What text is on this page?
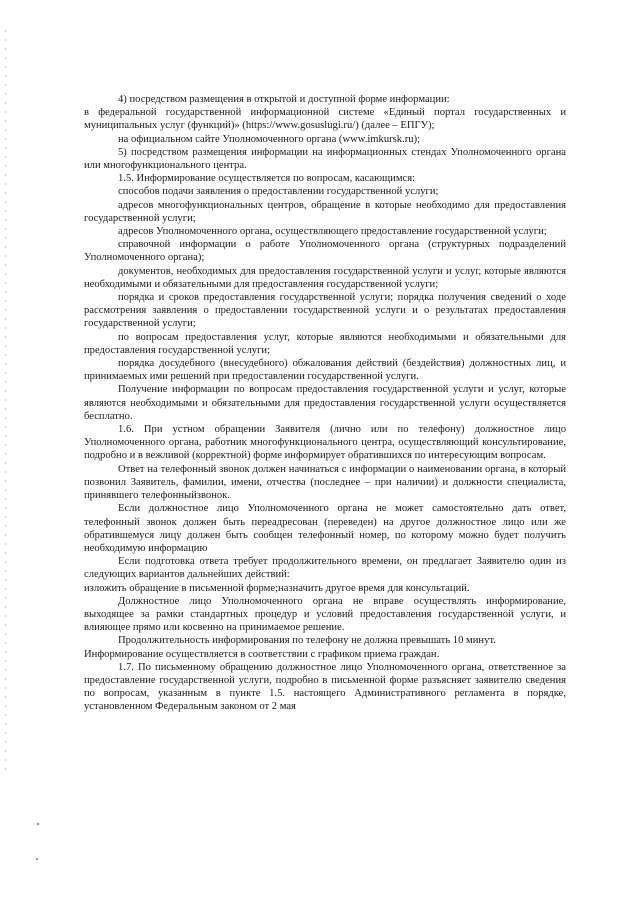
4) посредством размещения в открытой и доступной форме информации:

в федеральной государственной информационной системе «Единый портал государственных и муниципальных услуг (функций)» (https://www.gosuslugi.ru/) (далее – ЕПГУ);

на официальном сайте Уполномоченного органа (www.imkursk.ru);

5) посредством размещения информации на информационных стендах Уполномоченного органа или многофункционального центра.

1.5. Информирование осуществляется по вопросам, касающимся:

способов подачи заявления о предоставлении государственной услуги;

адресов многофункциональных центров, обращение в которые необходимо для предоставления государственной услуги;

адресов Уполномоченного органа, осуществляющего предоставление государственной услуги;

справочной информации о работе Уполномоченного органа (структурных подразделений Уполномоченного органа);

документов, необходимых для предоставления государственной услуги и услуг, которые являются необходимыми и обязательными для предоставления государственной услуги;

порядка и сроков предоставления государственной услуги; порядка получения сведений о ходе рассмотрения заявления о предоставлении государственной услуги и о результатах предоставления государственной услуги;

по вопросам предоставления услуг, которые являются необходимыми и обязательными для предоставления государственной услуги;

порядка досудебного (внесудебного) обжалования действий (бездействия) должностных лиц, и принимаемых ими решений при предоставлении государственной услуги.

Получение информации по вопросам предоставления государственной услуги и услуг, которые являются необходимыми и обязательными для предоставления государственной услуги осуществляется бесплатно.

1.6. При устном обращении Заявителя (лично или по телефону) должностное лицо Уполномоченного органа, работник многофункционального центра, осуществляющий консультирование, подробно и в вежливой (корректной) форме информирует обратившихся по интересующим вопросам.

Ответ на телефонный звонок должен начинаться с информации о наименовании органа, в который позвонил Заявитель, фамилии, имени, отчества (последнее – при наличии) и должности специалиста, принявшего телефонныйзвонок.

Если должностное лицо Уполномоченного органа не может самостоятельно дать ответ, телефонный звонок должен быть переадресован (переведен) на другое должностное лицо или же обратившемуся лицу должен быть сообщен телефонный номер, по которому можно будет получить необходимую информацию

Если подготовка ответа требует продолжительного времени, он предлагает Заявителю один из следующих вариантов дальнейших действий:

изложить обращение в письменной форме;назначить другое время для консультаций.

Должностное лицо Уполномоченного органа не вправе осуществлять информирование, выходящее за рамки стандартных процедур и условий предоставления государственной услуги, и влияющее прямо или косвенно на принимаемое решение.

Продолжительность информирования по телефону не должна превышать 10 минут.

Информирование осуществляется в соответствии с графиком приема граждан.

1.7. По письменному обращению должностное лицо Уполномоченного органа, ответственное за предоставление государственной услуги, подробно в письменной форме разъясняет заявителю сведения по вопросам, указанным в пункте 1.5. настоящего Административного регламента в порядке, установленном Федеральным законом от 2 мая
